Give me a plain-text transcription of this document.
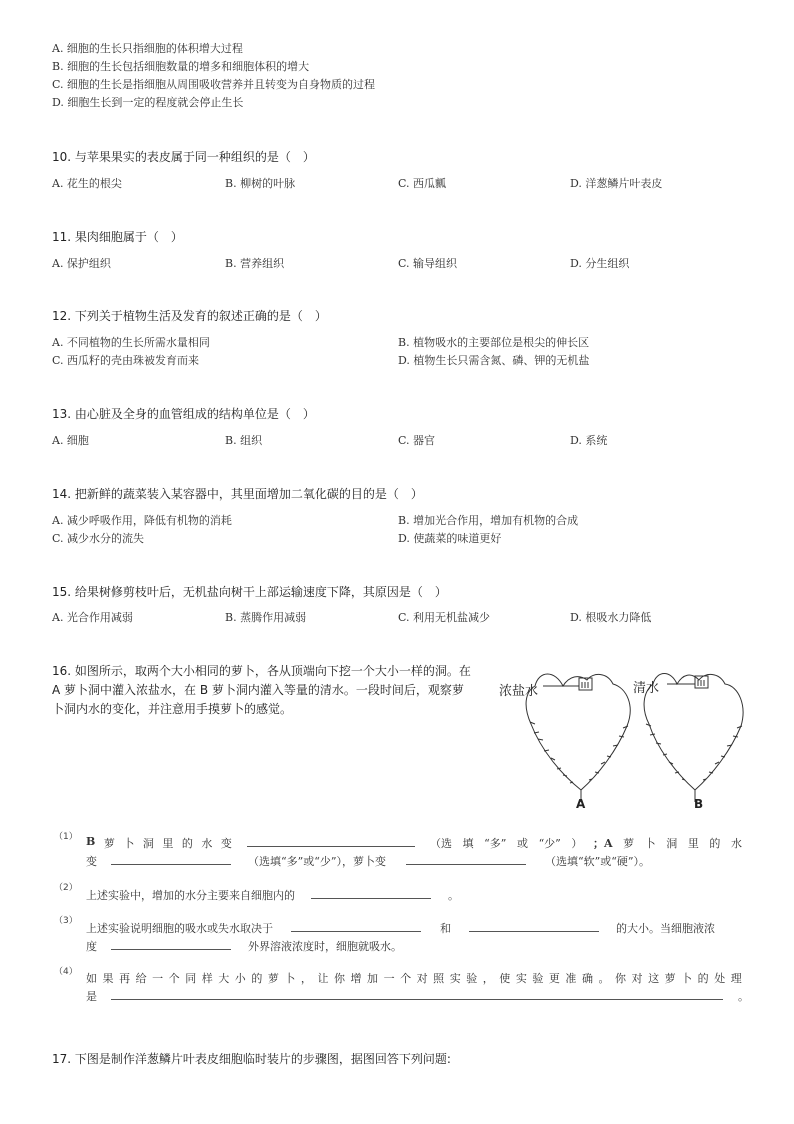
A. 细胞的生长只指细胞的体积增大过程
B. 细胞的生长包括细胞数量的增多和细胞体积的增大
C. 细胞的生长是指细胞从周围吸收营养并且转变为自身物质的过程
D. 细胞生长到一定的程度就会停止生长
10. 与苹果果实的表皮属于同一种组织的是（　）
A. 花生的根尖	B. 柳树的叶脉	C. 西瓜瓤	D. 洋葱鳞片叶表皮
11. 果肉细胞属于（　）
A. 保护组织	B. 营养组织	C. 输导组织	D. 分生组织
12. 下列关于植物生活及发育的叙述正确的是（　）
A. 不同植物的生长所需水量相同	B. 植物吸水的主要部位是根尖的伸长区
C. 西瓜籽的壳由珠被发育而来	D. 植物生长只需含氮、磷、钾的无机盐
13. 由心脏及全身的血管组成的结构单位是（　）
A. 细胞	B. 组织	C. 器官	D. 系统
14. 把新鲜的蔬菜装入某容器中，其里面增加二氧化碳的目的是（　）
A. 减少呼吸作用，降低有机物的消耗	B. 增加光合作用，增加有机物的合成
C. 减少水分的流失	D. 使蔬菜的味道更好
15. 给果树修剪枝叶后，无机盐向树干上部运输速度下降，其原因是（　）
A. 光合作用减弱	B. 蒸腾作用减弱	C. 利用无机盐减少	D. 根吸水力降低
16. 如图所示，取两个大小相同的萝卜，各从顶端向下挖一个大小一样的洞。在
A 萝卜洞中灌入浓盐水，在 B 萝卜洞内灌入等量的清水。一段时间后，观察萝
卜洞内水的变化，并注意用手摸萝卜的感觉。
浓盐水	清水
A	B
（1） B 萝 卜 洞 里 的 水 变	（选 填 “多” 或 “少” ） ；A 萝 卜 洞 里 的 水
变	（选填“多”或“少”），萝卜变	（选填“软”或“硬”）。
（2）
上述实验中，增加的水分主要来自细胞内的	。
（3）
上述实验说明细胞的吸水或失水取决于	和	的大小。当细胞液浓
度	外界溶液浓度时，细胞就吸水。
（4） 如 果 再 给 一 个 同 样 大 小 的 萝 卜 ， 让 你 增 加 一 个 对 照 实 验 ， 使 实 验 更 准 确 。 你 对 这 萝 卜 的 处 理
是	。
17. 下图是制作洋葱鳞片叶表皮细胞临时装片的步骤图，据图回答下列问题:
